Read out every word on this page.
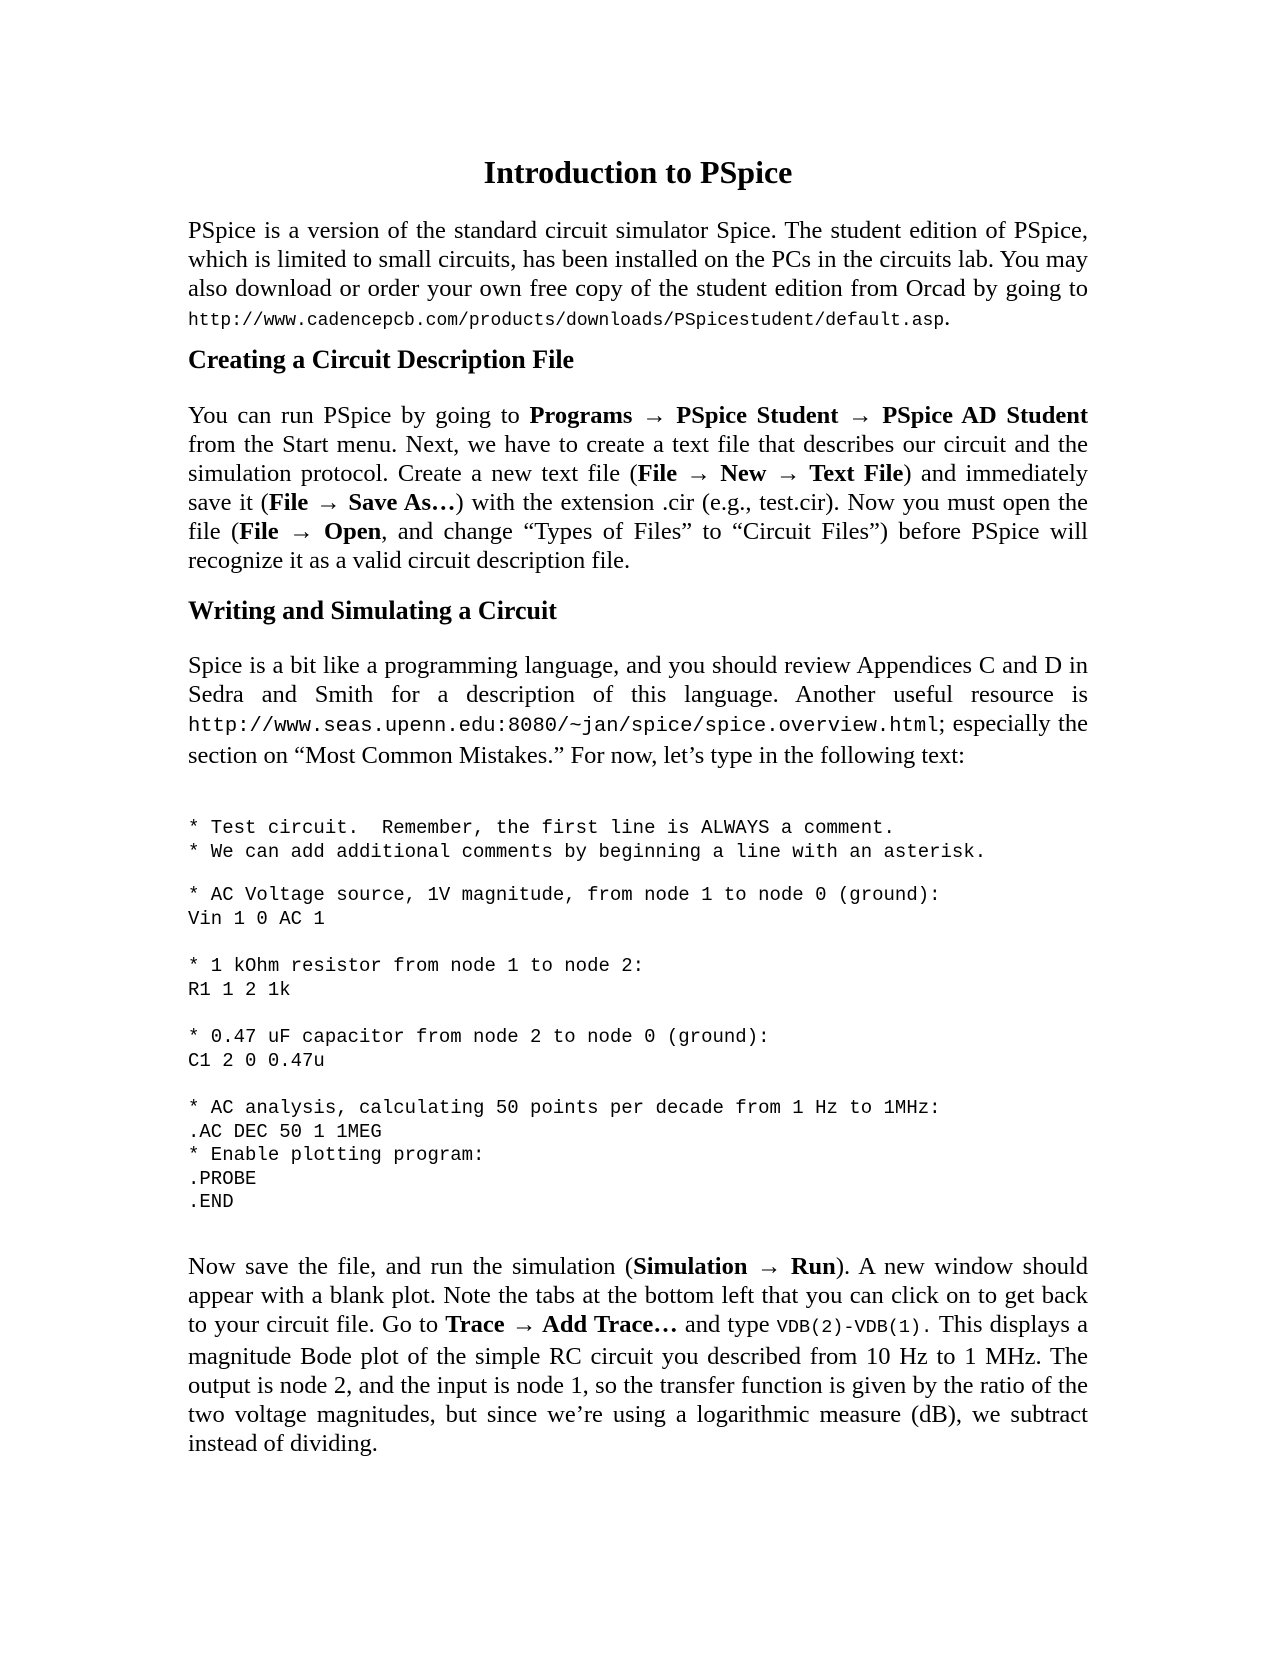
Introduction to PSpice

PSpice is a version of the standard circuit simulator Spice. The student edition of PSpice, which is limited to small circuits, has been installed on the PCs in the circuits lab. You may also download or order your own free copy of the student edition from Orcad by going to http://www.cadencepcb.com/products/downloads/PSpicestudent/default.asp.

Creating a Circuit Description File

You can run PSpice by going to Programs → PSpice Student → PSpice AD Student from the Start menu. Next, we have to create a text file that describes our circuit and the simulation protocol. Create a new text file (File → New → Text File) and immediately save it (File → Save As…) with the extension .cir (e.g., test.cir). Now you must open the file (File → Open, and change “Types of Files” to “Circuit Files”) before PSpice will recognize it as a valid circuit description file.

Writing and Simulating a Circuit

Spice is a bit like a programming language, and you should review Appendices C and D in Sedra and Smith for a description of this language. Another useful resource is http://www.seas.upenn.edu:8080/~jan/spice/spice.overview.html; especially the section on “Most Common Mistakes.” For now, let’s type in the following text:

* Test circuit.  Remember, the first line is ALWAYS a comment.
* We can add additional comments by beginning a line with an asterisk.
* AC Voltage source, 1V magnitude, from node 1 to node 0 (ground):
Vin 1 0 AC 1
* 1 kOhm resistor from node 1 to node 2:
R1 1 2 1k
* 0.47 uF capacitor from node 2 to node 0 (ground):
C1 2 0 0.47u
* AC analysis, calculating 50 points per decade from 1 Hz to 1MHz:
.AC DEC 50 1 1MEG
* Enable plotting program:
.PROBE
.END

Now save the file, and run the simulation (Simulation → Run). A new window should appear with a blank plot. Note the tabs at the bottom left that you can click on to get back to your circuit file. Go to Trace → Add Trace… and type VDB(2)-VDB(1). This displays a magnitude Bode plot of the simple RC circuit you described from 10 Hz to 1 MHz. The output is node 2, and the input is node 1, so the transfer function is given by the ratio of the two voltage magnitudes, but since we’re using a logarithmic measure (dB), we subtract instead of dividing.
